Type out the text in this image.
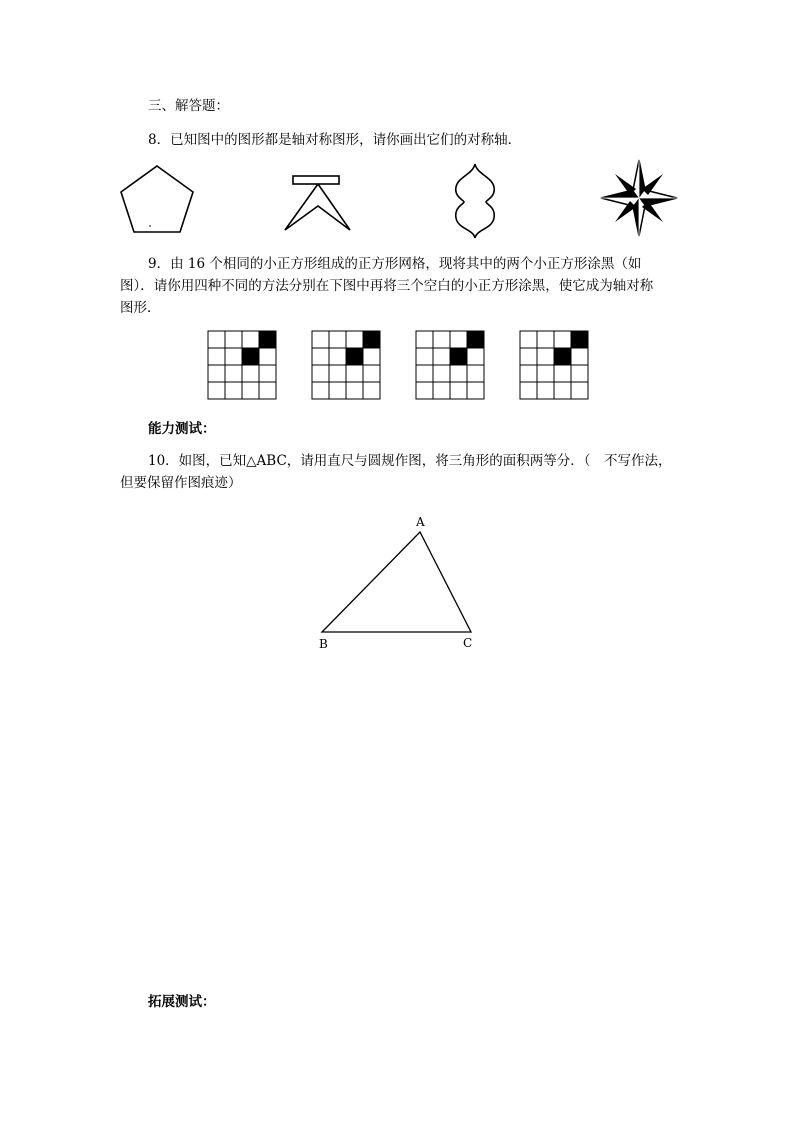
三、解答题：
8．已知图中的图形都是轴对称图形，请你画出它们的对称轴．
9．由 16 个相同的小正方形组成的正方形网格，现将其中的两个小正方形涂黑（如
图）．请你用四种不同的方法分别在下图中再将三个空白的小正方形涂黑，使它成为轴对称
图形．
能力测试：
10．如图，已知△ABC，请用直尺与圆规作图，将三角形的面积两等分．（　不写作法，
但要保留作图痕迹）
A
B	C
拓展测试：
